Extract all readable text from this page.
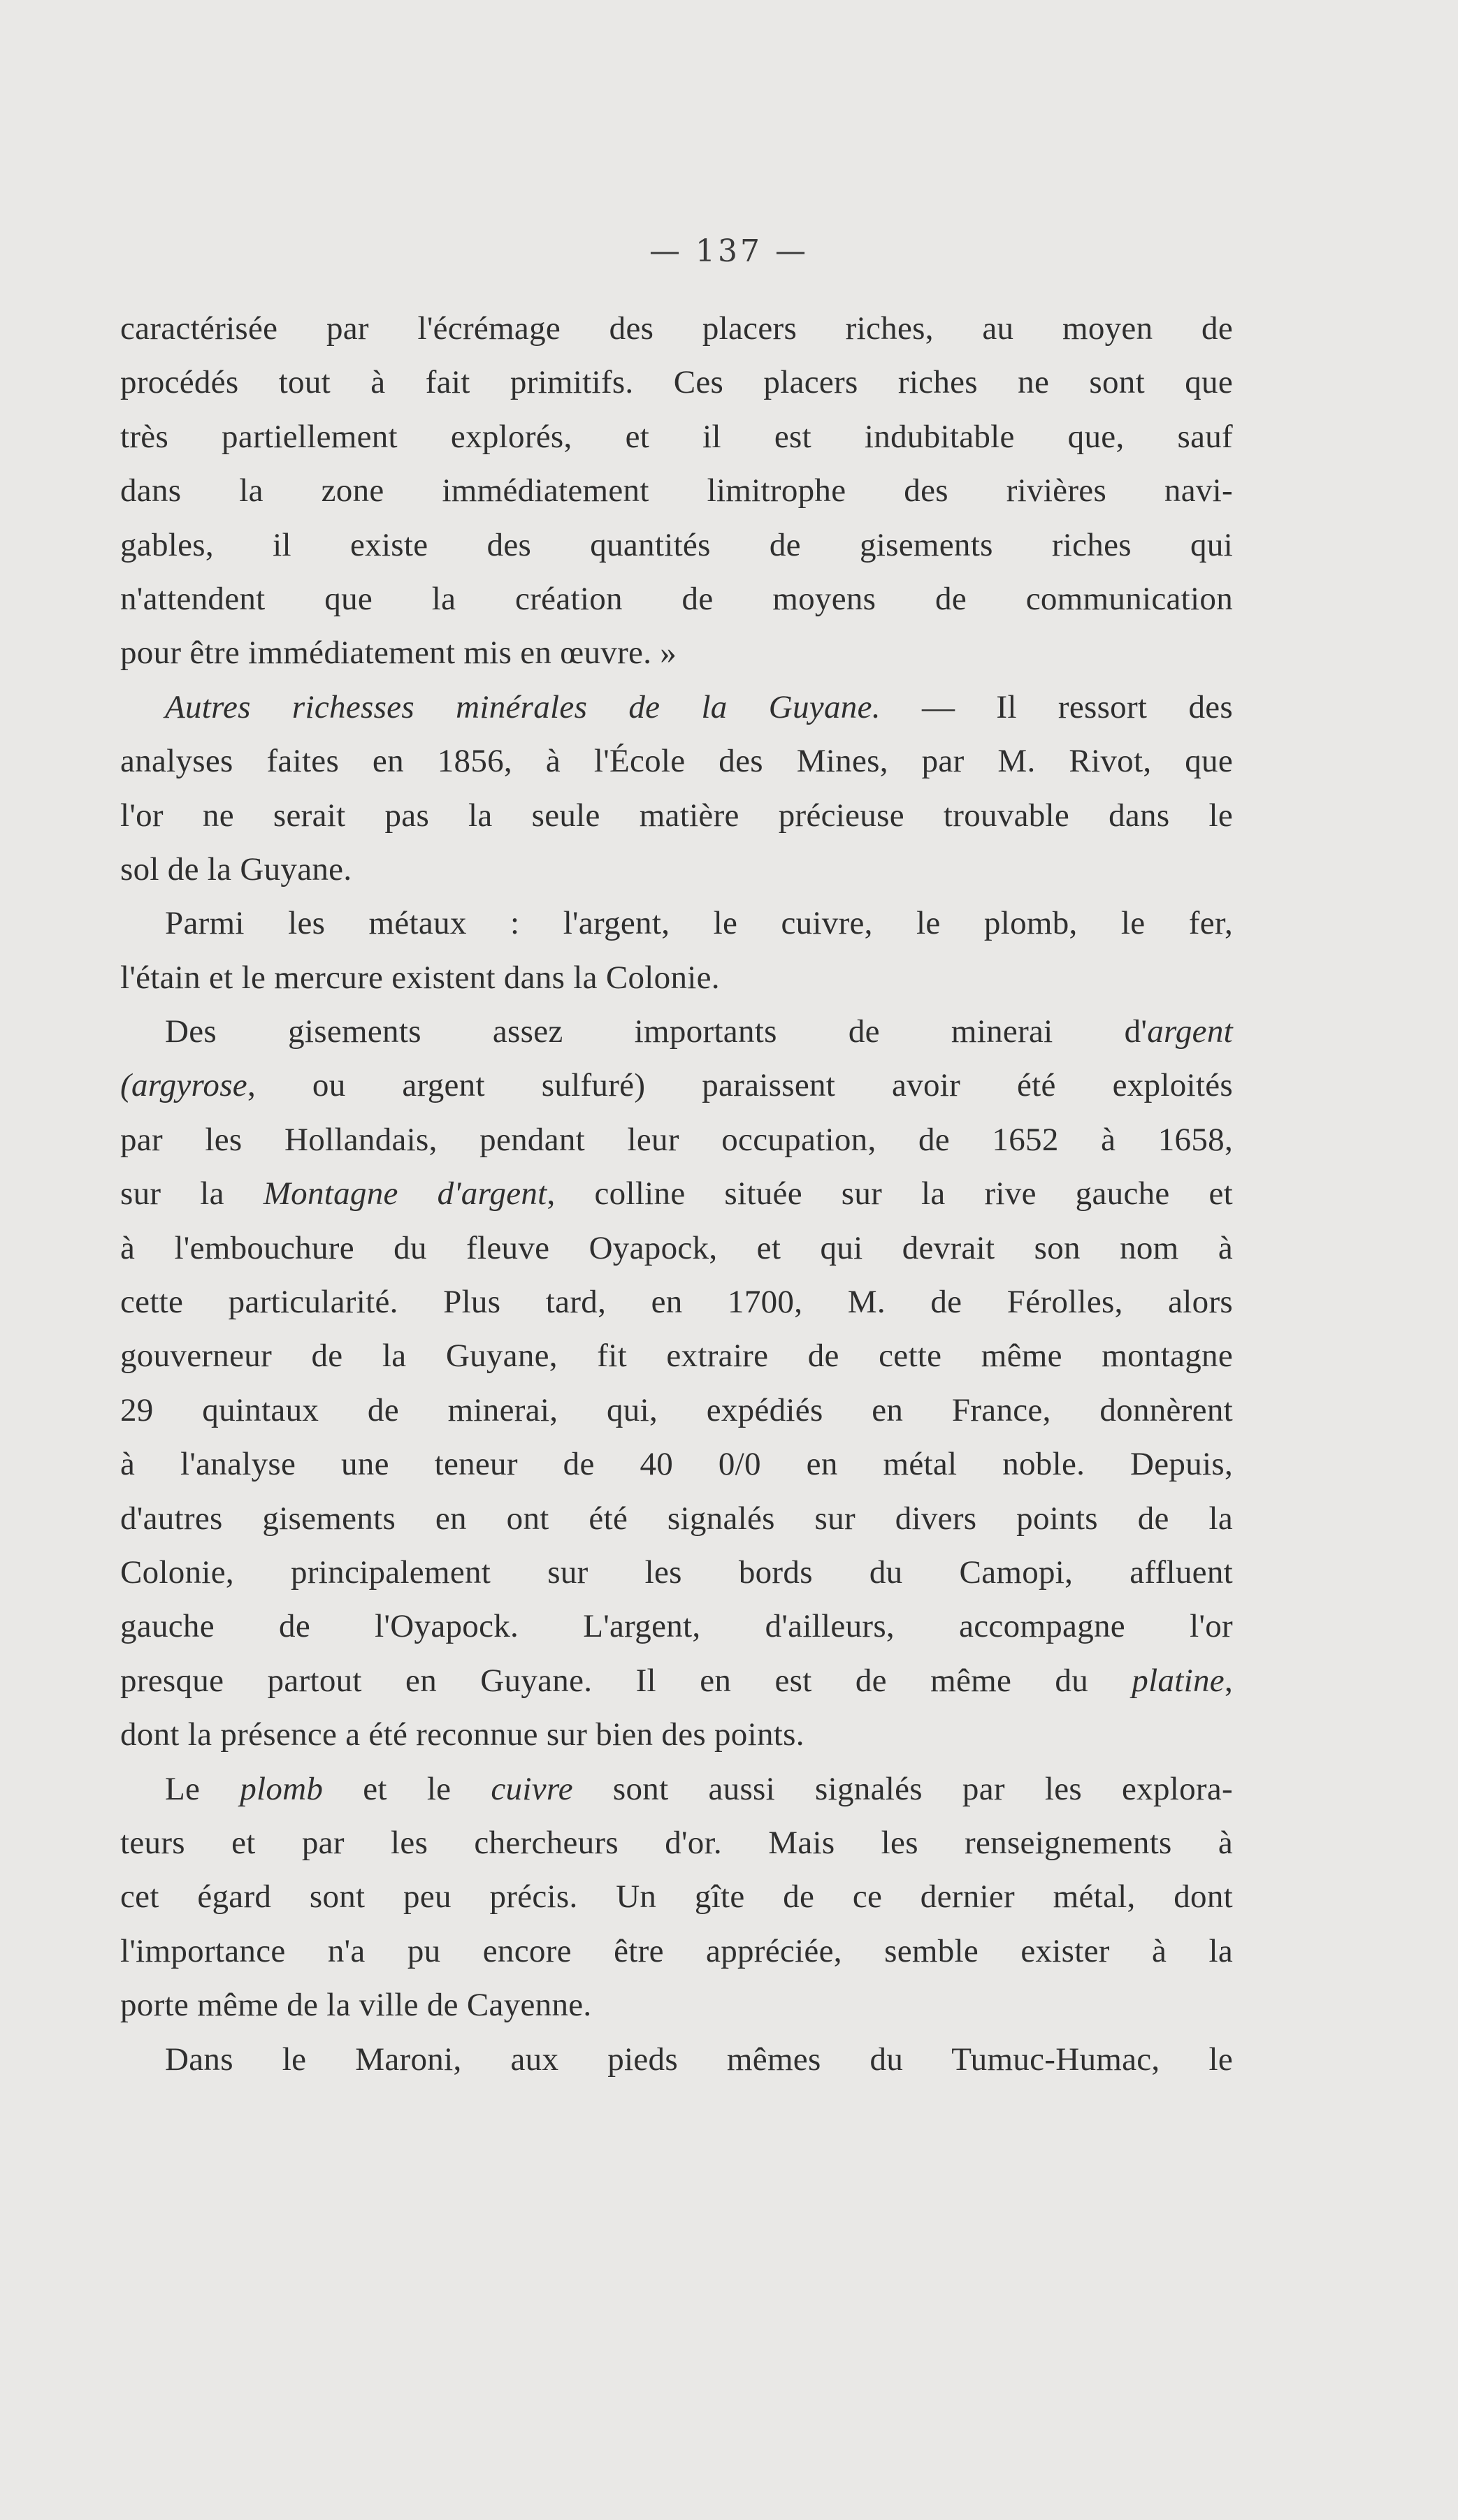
— 137 —
caractérisée par l'écrémage des placers riches, au moyen de
procédés tout à fait primitifs. Ces placers riches ne sont que
très partiellement explorés, et il est indubitable que, sauf
dans la zone immédiatement limitrophe des rivières navi-
gables, il existe des quantités de gisements riches qui
n'attendent que la création de moyens de communication
pour être immédiatement mis en œuvre. »
Autres richesses minérales de la Guyane. — Il ressort des
analyses faites en 1856, à l'École des Mines, par M. Rivot, que
l'or ne serait pas la seule matière précieuse trouvable dans le
sol de la Guyane.
Parmi les métaux : l'argent, le cuivre, le plomb, le fer,
l'étain et le mercure existent dans la Colonie.
Des gisements assez importants de minerai d'argent
(argyrose, ou argent sulfuré) paraissent avoir été exploités
par les Hollandais, pendant leur occupation, de 1652 à 1658,
sur la Montagne d'argent, colline située sur la rive gauche et
à l'embouchure du fleuve Oyapock, et qui devrait son nom à
cette particularité. Plus tard, en 1700, M. de Férolles, alors
gouverneur de la Guyane, fit extraire de cette même montagne
29 quintaux de minerai, qui, expédiés en France, donnèrent
à l'analyse une teneur de 40 0/0 en métal noble. Depuis,
d'autres gisements en ont été signalés sur divers points de la
Colonie, principalement sur les bords du Camopi, affluent
gauche de l'Oyapock. L'argent, d'ailleurs, accompagne l'or
presque partout en Guyane. Il en est de même du platine,
dont la présence a été reconnue sur bien des points.
Le plomb et le cuivre sont aussi signalés par les explora-
teurs et par les chercheurs d'or. Mais les renseignements à
cet égard sont peu précis. Un gîte de ce dernier métal, dont
l'importance n'a pu encore être appréciée, semble exister à la
porte même de la ville de Cayenne.
Dans le Maroni, aux pieds mêmes du Tumuc-Humac, le
